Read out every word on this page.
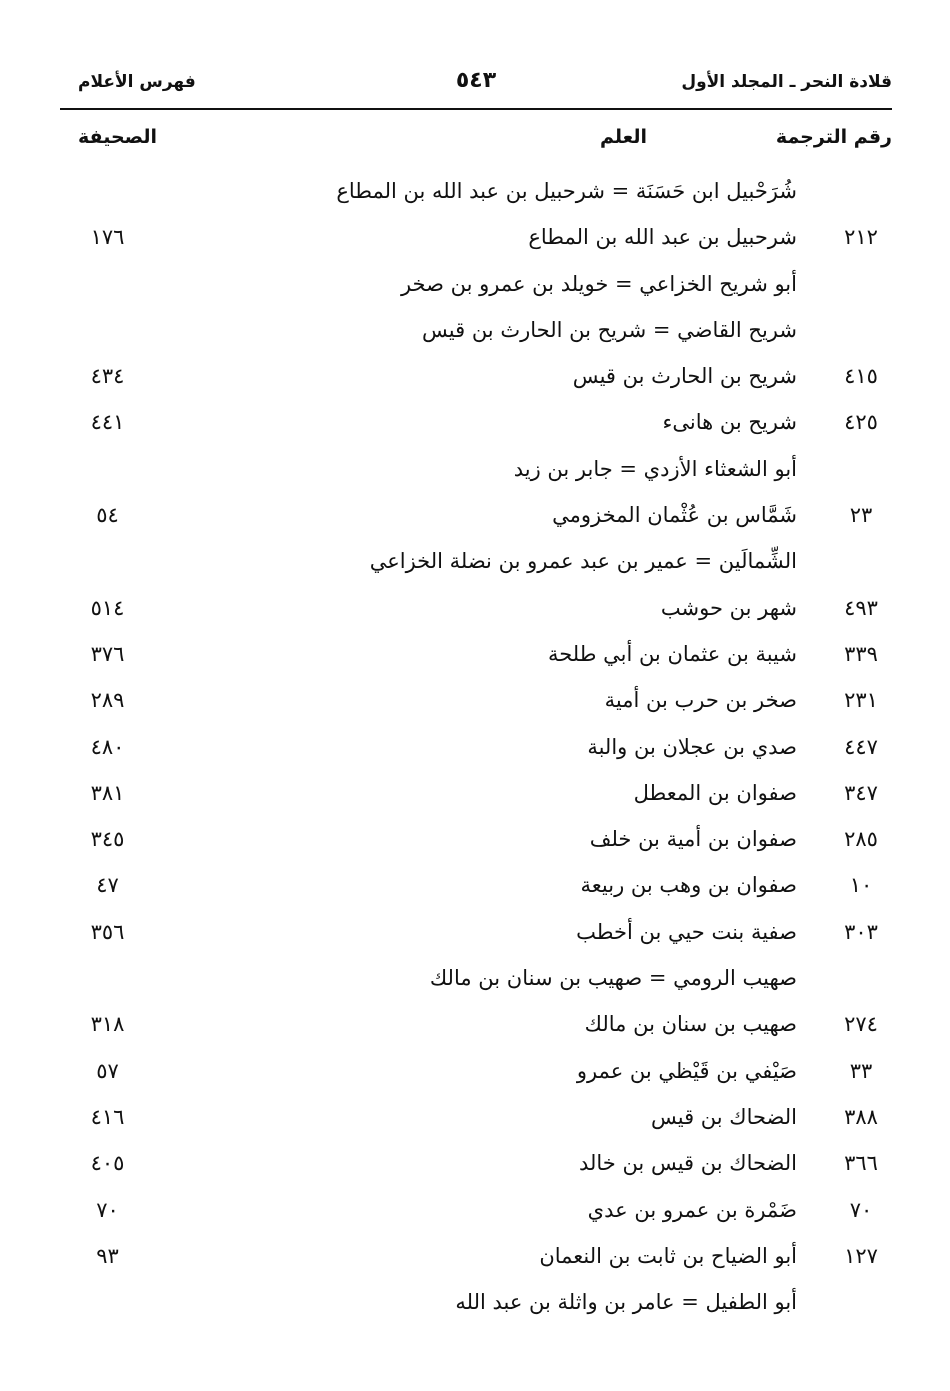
قلادة النحر ـ المجلد الأول
٥٤٣
فهرس الأعلام
رقم الترجمة
العلم
الصحيفة
شُرَحْبيل ابن حَسَنَة = شرحبيل بن عبد الله بن المطاع
٢١٢
شرحبيل بن عبد الله بن المطاع
١٧٦
أبو شريح الخزاعي = خويلد بن عمرو بن صخر
شريح القاضي = شريح بن الحارث بن قيس
٤١٥
شريح بن الحارث بن قيس
٤٣٤
٤٢٥
شريح بن هانىء
٤٤١
أبو الشعثاء الأزدي = جابر بن زيد
٢٣
شَمَّاس بن عُثْمان المخزومي
٥٤
الشِّمالَين = عمير بن عبد عمرو بن نضلة الخزاعي
٤٩٣
شهر بن حوشب
٥١٤
٣٣٩
شيبة بن عثمان بن أبي طلحة
٣٧٦
٢٣١
صخر بن حرب بن أمية
٢٨٩
٤٤٧
صدي بن عجلان بن والبة
٤٨٠
٣٤٧
صفوان بن المعطل
٣٨١
٢٨٥
صفوان بن أمية بن خلف
٣٤٥
١٠
صفوان بن وهب بن ربيعة
٤٧
٣٠٣
صفية بنت حيي بن أخطب
٣٥٦
صهيب الرومي = صهيب بن سنان بن مالك
٢٧٤
صهيب بن سنان بن مالك
٣١٨
٣٣
صَيْفي بن قَيْظي بن عمرو
٥٧
٣٨٨
الضحاك بن قيس
٤١٦
٣٦٦
الضحاك بن قيس بن خالد
٤٠٥
٧٠
ضَمْرة بن عمرو بن عدي
٧٠
١٢٧
أبو الضياح بن ثابت بن النعمان
٩٣
أبو الطفيل = عامر بن واثلة بن عبد الله
